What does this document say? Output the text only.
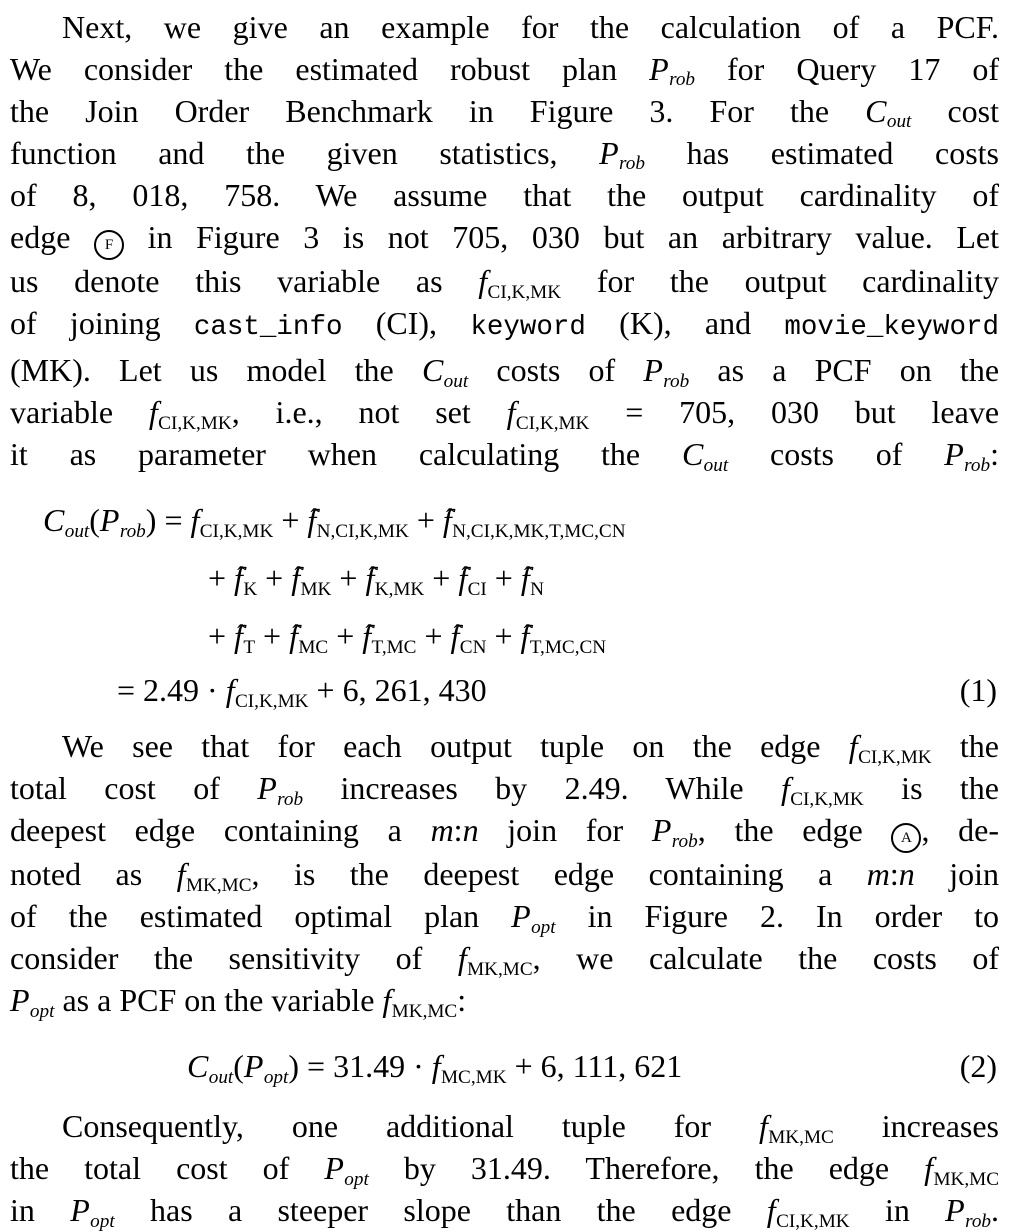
Next, we give an example for the calculation of a PCF.
We consider the estimated robust plan Prob for Query 17 of
the Join Order Benchmark in Figure 3. For the Cout cost
function and the given statistics, Prob has estimated costs
of 8, 018, 758. We assume that the output cardinality of
edge F in Figure 3 is not 705, 030 but an arbitrary value. Let
us denote this variable as fCI,K,MK for the output cardinality
of joining cast_info (CI), keyword (K), and movie_keyword
(MK). Let us model the Cout costs of Prob as a PCF on the
variable fCI,K,MK, i.e., not set fCI,K,MK = 705, 030 but leave
it as parameter when calculating the Cout costs of Prob:
Cout(Prob) = fCI,K,MK + f ˆN,CI,K,MK + f ˆN,CI,K,MK,T,MC,CN
+ f ˆK + f ˆMK + f ˆK,MK + f ˆCI + f ˆN
+ f ˆT + f ˆMC + f ˆT,MC + f ˆCN + f ˆT,MC,CN
= 2.49 · fCI,K,MK + 6, 261, 430	(1)
We see that for each output tuple on the edge fCI,K,MK the
total cost of Prob increases by 2.49. While fCI,K,MK is the
deepest edge containing a m:n join for Prob, the edge A , de-
noted as fMK,MC, is the deepest edge containing a m:n join
of the estimated optimal plan Popt in Figure 2. In order to
consider the sensitivity of fMK,MC, we calculate the costs of
Popt as a PCF on the variable fMK,MC:
Cout(Popt) = 31.49 · fMC,MK + 6, 111, 621	(2)
Consequently, one additional tuple for fMK,MC increases
the total cost of Popt by 31.49. Therefore, the edge fMK,MC
in Popt has a steeper slope than the edge fCI,K,MK in Prob.
